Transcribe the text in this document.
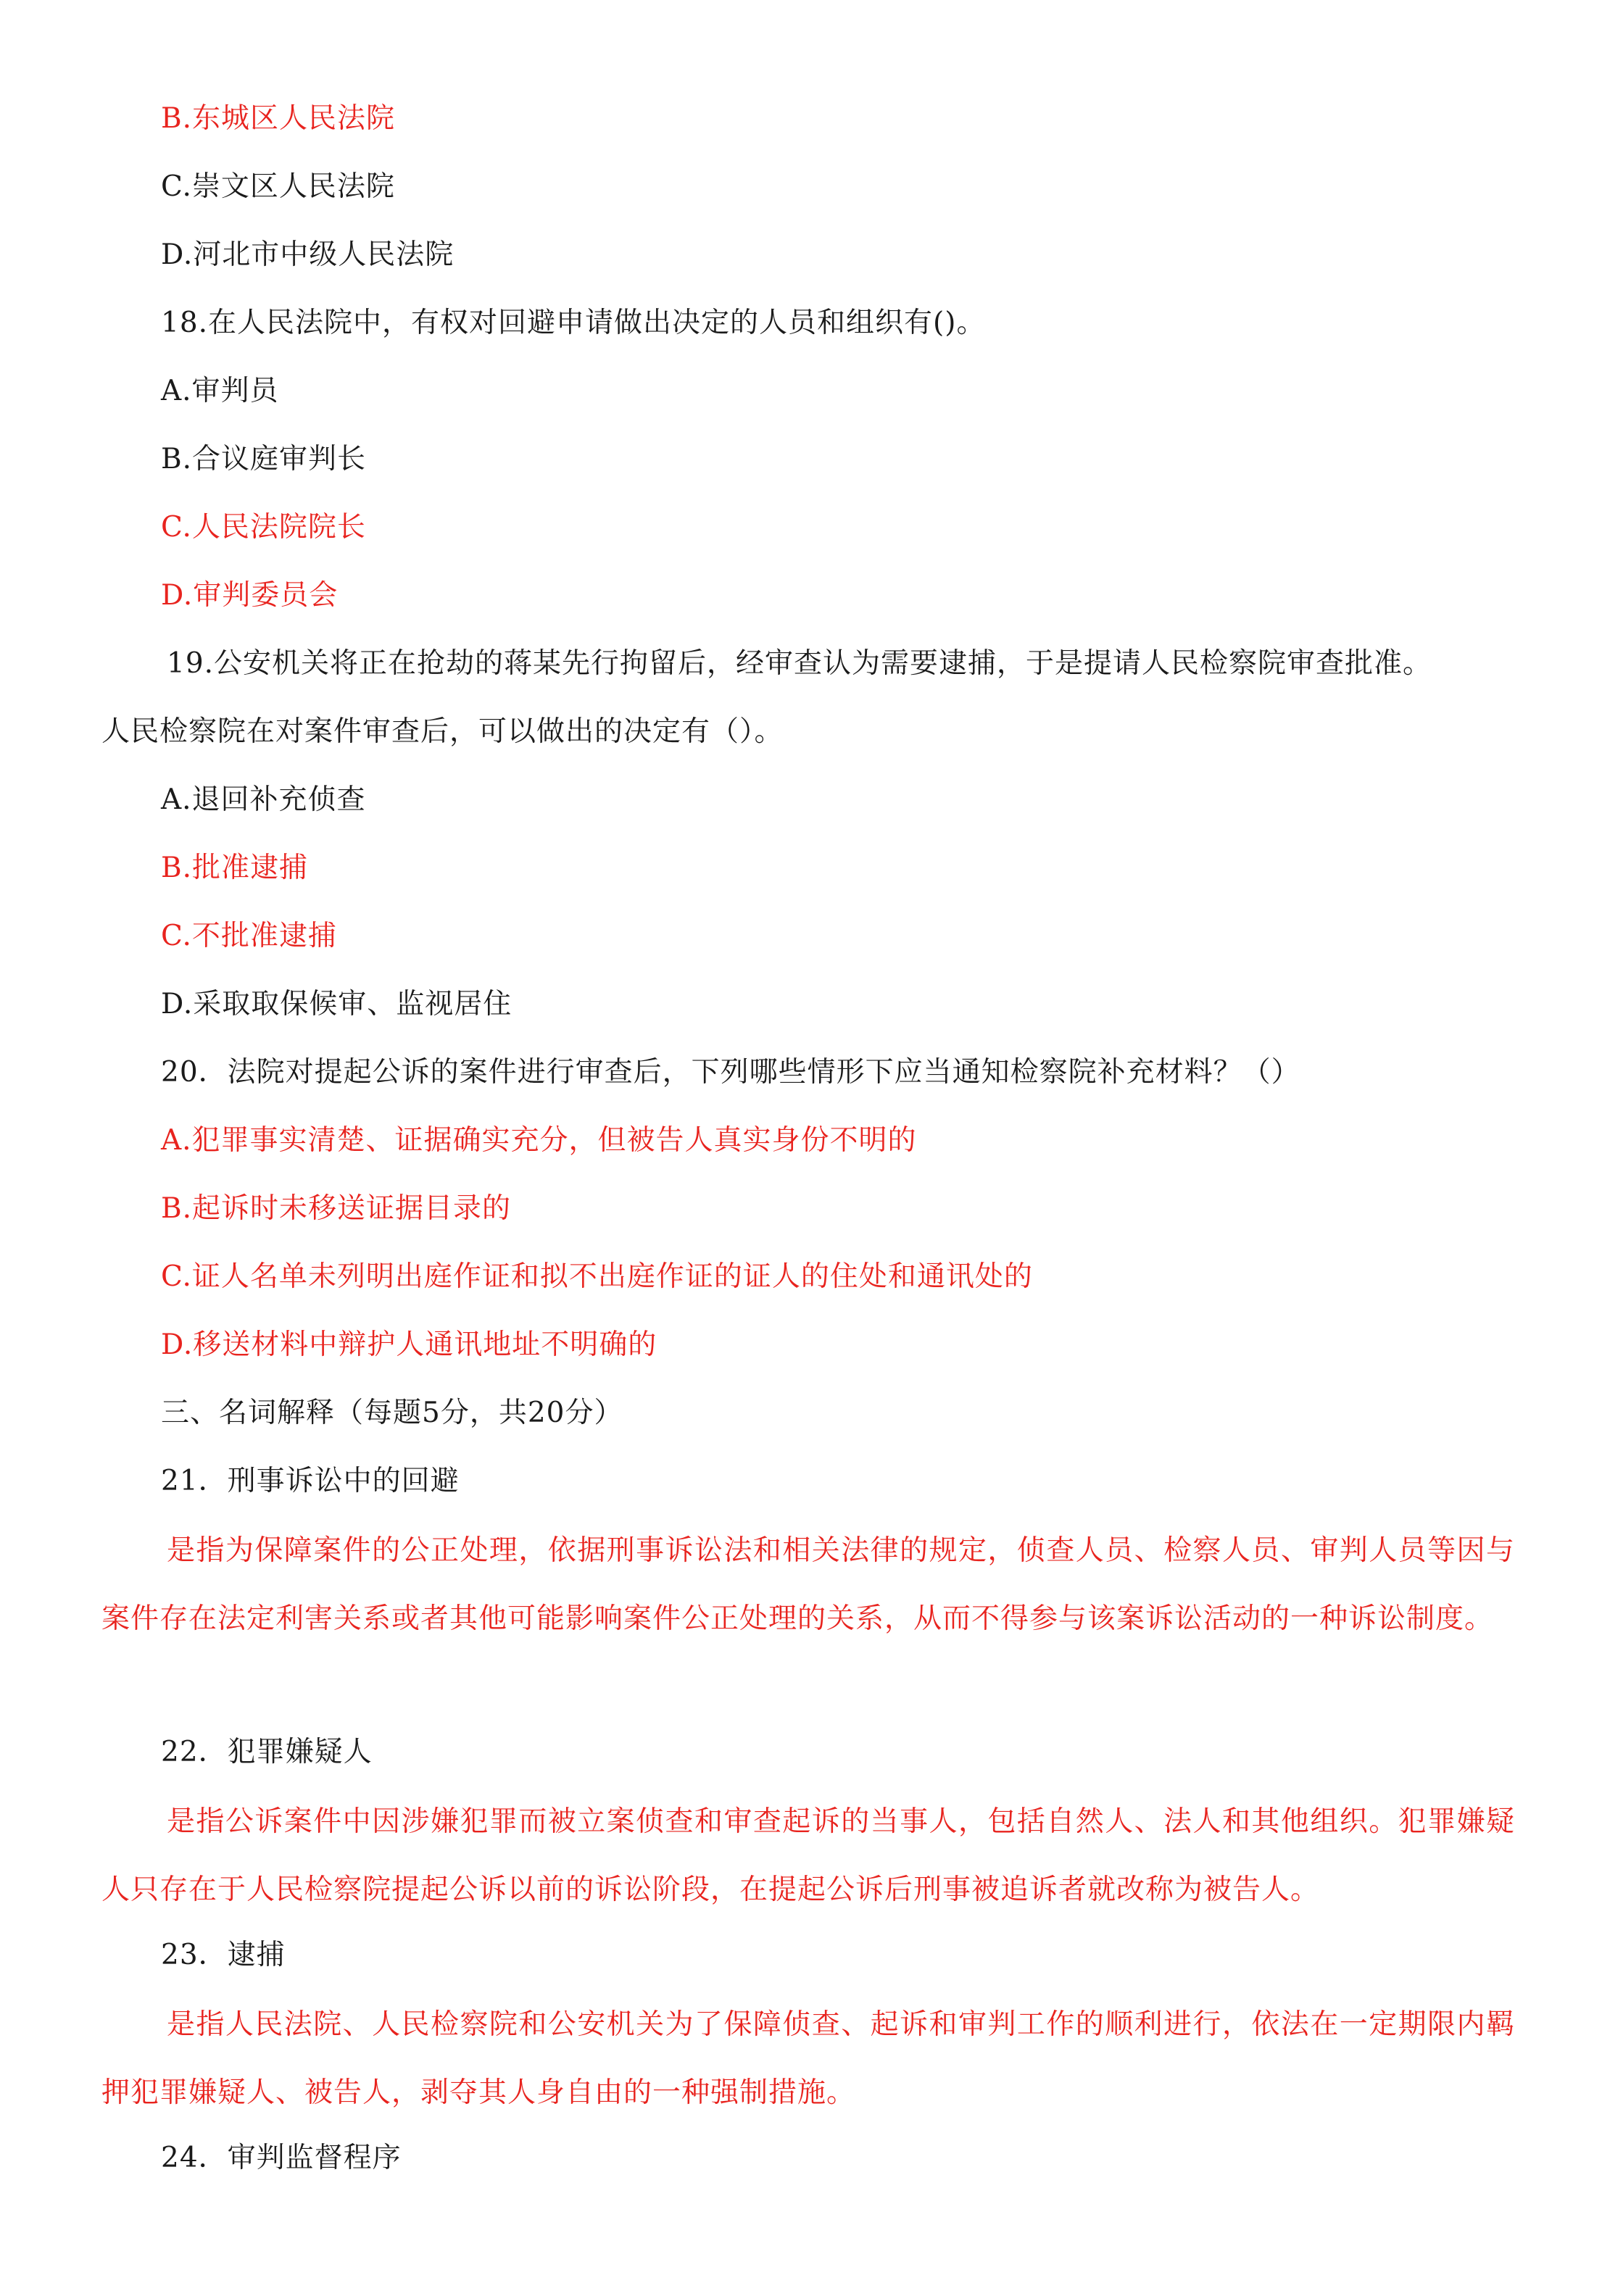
B.东城区人民法院
C.崇文区人民法院
D.河北市中级人民法院
18.在人民法院中，有权对回避申请做出决定的人员和组织有()。
A.审判员
B.合议庭审判长
C.人民法院院长
D.审判委员会
19.公安机关将正在抢劫的蒋某先行拘留后，经审查认为需要逮捕，于是提请人民检察院审查批准。
人民检察院在对案件审查后，可以做出的决定有（）。
A.退回补充侦查
B.批准逮捕
C.不批准逮捕
D.采取取保候审、监视居住
20．法院对提起公诉的案件进行审查后，下列哪些情形下应当通知检察院补充材料？（）
A.犯罪事实清楚、证据确实充分，但被告人真实身份不明的
B.起诉时未移送证据目录的
C.证人名单未列明出庭作证和拟不出庭作证的证人的住处和通讯处的
D.移送材料中辩护人通讯地址不明确的
三、名词解释（每题5分，共20分）
21．刑事诉讼中的回避
是指为保障案件的公正处理，依据刑事诉讼法和相关法律的规定，侦查人员、检察人员、审判人员等因与案件存在法定利害关系或者其他可能影响案件公正处理的关系，从而不得参与该案诉讼活动的一种诉讼制度。
22．犯罪嫌疑人
是指公诉案件中因涉嫌犯罪而被立案侦查和审查起诉的当事人，包括自然人、法人和其他组织。犯罪嫌疑人只存在于人民检察院提起公诉以前的诉讼阶段，在提起公诉后刑事被追诉者就改称为被告人。
23．逮捕
是指人民法院、人民检察院和公安机关为了保障侦查、起诉和审判工作的顺利进行，依法在一定期限内羁押犯罪嫌疑人、被告人，剥夺其人身自由的一种强制措施。
24．审判监督程序
